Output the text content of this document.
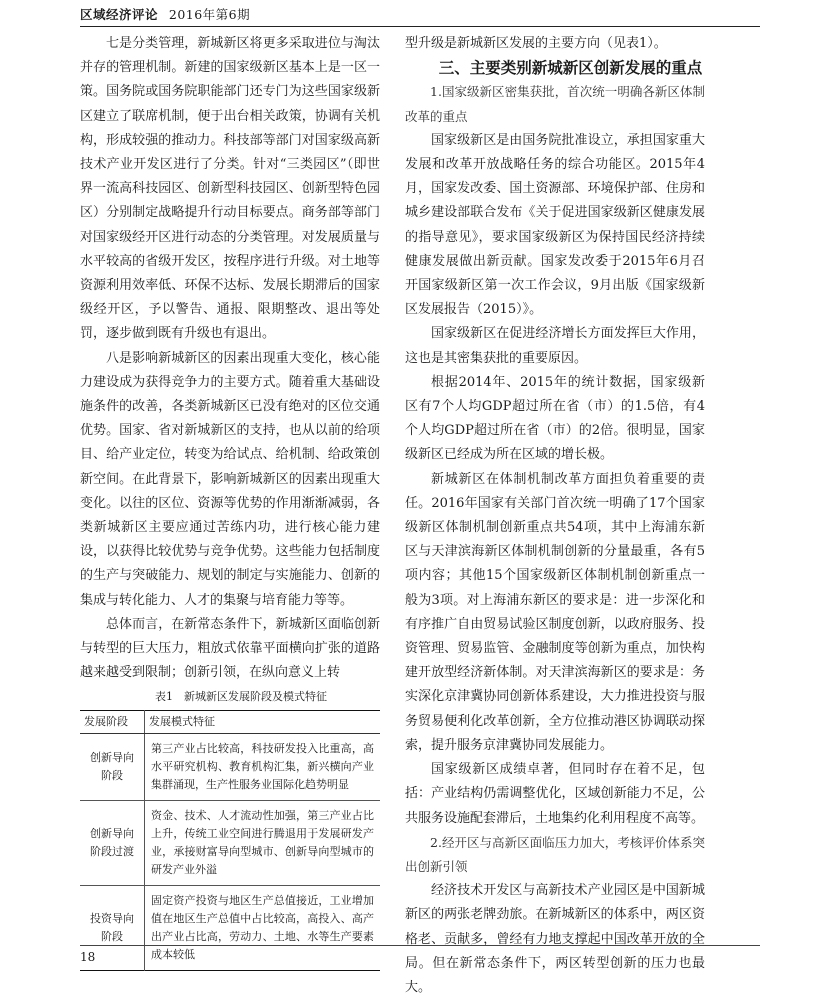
区域经济评论 2016年第6期

七是分类管理，新城新区将更多采取进位与淘汰并存的管理机制。新建的国家级新区基本上是一区一策。国务院或国务院职能部门还专门为这些国家级新区建立了联席机制，便于出台相关政策，协调有关机构，形成较强的推动力。科技部等部门对国家级高新技术产业开发区进行了分类。针对“三类园区”（即世界一流高科技园区、创新型科技园区、创新型特色园区）分别制定战略提升行动目标要点。商务部等部门对国家级经开区进行动态的分类管理。对发展质量与水平较高的省级开发区，按程序进行升级。对土地等资源利用效率低、环保不达标、发展长期滞后的国家级经开区，予以警告、通报、限期整改、退出等处罚，逐步做到既有升级也有退出。

八是影响新城新区的因素出现重大变化，核心能力建设成为获得竞争力的主要方式。随着重大基础设施条件的改善，各类新城新区已没有绝对的区位交通优势。国家、省对新城新区的支持，也从以前的给项目、给产业定位，转变为给试点、给机制、给政策创新空间。在此背景下，影响新城新区的因素出现重大变化。以往的区位、资源等优势的作用渐渐减弱，各类新城新区主要应通过苦练内功，进行核心能力建设，以获得比较优势与竞争优势。这些能力包括制度的生产与突破能力、规划的制定与实施能力、创新的集成与转化能力、人才的集聚与培育能力等等。

总体而言，在新常态条件下，新城新区面临创新与转型的巨大压力，粗放式依靠平面横向扩张的道路越来越受到限制；创新引领，在纵向意义上转

表1　新城新区发展阶段及模式特征

发展阶段	发展模式特征
创新导向阶段	第三产业占比较高，科技研发投入比重高，高水平研究机构、教育机构汇集，新兴横向产业集群涌现，生产性服务业国际化趋势明显
创新导向阶段过渡	资金、技术、人才流动性加强，第三产业占比上升，传统工业空间进行腾退用于发展研发产业，承接财富导向型城市、创新导向型城市的研发产业外溢
投资导向阶段	固定资产投资与地区生产总值接近，工业增加值在地区生产总值中占比较高，高投入、高产出产业占比高，劳动力、土地、水等生产要素成本较低

型升级是新城新区发展的主要方向（见表1）。

三、主要类别新城新区创新发展的重点

1.国家级新区密集获批，首次统一明确各新区体制改革的重点

国家级新区是由国务院批准设立，承担国家重大发展和改革开放战略任务的综合功能区。2015年4月，国家发改委、国土资源部、环境保护部、住房和城乡建设部联合发布《关于促进国家级新区健康发展的指导意见》，要求国家级新区为保持国民经济持续健康发展做出新贡献。国家发改委于2015年6月召开国家级新区第一次工作会议，9月出版《国家级新区发展报告（2015）》。

国家级新区在促进经济增长方面发挥巨大作用，这也是其密集获批的重要原因。

根据2014年、2015年的统计数据，国家级新区有7个人均GDP超过所在省（市）的1.5倍，有4个人均GDP超过所在省（市）的2倍。很明显，国家级新区已经成为所在区域的增长极。

新城新区在体制机制改革方面担负着重要的责任。2016年国家有关部门首次统一明确了17个国家级新区体制机制创新重点共54项，其中上海浦东新区与天津滨海新区体制机制创新的分量最重，各有5项内容；其他15个国家级新区体制机制创新重点一般为3项。对上海浦东新区的要求是：进一步深化和有序推广自由贸易试验区制度创新，以政府服务、投资管理、贸易监管、金融制度等创新为重点，加快构建开放型经济新体制。对天津滨海新区的要求是：务实深化京津冀协同创新体系建设，大力推进投资与服务贸易便利化改革创新，全方位推动港区协调联动探索，提升服务京津冀协同发展能力。

国家级新区成绩卓著，但同时存在着不足，包括：产业结构仍需调整优化，区域创新能力不足，公共服务设施配套滞后，土地集约化利用程度不高等。

2.经开区与高新区面临压力加大，考核评价体系突出创新引领

经济技术开发区与高新技术产业园区是中国新城新区的两张老牌劲旅。在新城新区的体系中，两区资格老、贡献多，曾经有力地支撑起中国改革开放的全局。但在新常态条件下，两区转型创新的压力也最大。

18
